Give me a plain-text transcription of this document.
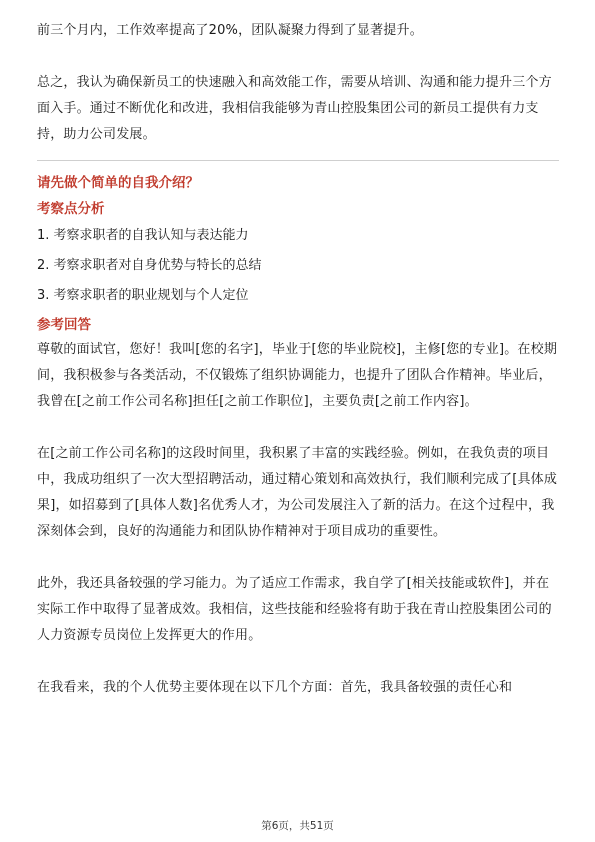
前三个月内，工作效率提高了20%，团队凝聚力得到了显著提升。

总之，我认为确保新员工的快速融入和高效能工作，需要从培训、沟通和能力提升三个方面入手。通过不断优化和改进，我相信我能够为青山控股集团公司的新员工提供有力支持，助力公司发展。

请先做个简单的自我介绍？

考察点分析

1. 考察求职者的自我认知与表达能力
2. 考察求职者对自身优势与特长的总结
3. 考察求职者的职业规划与个人定位

参考回答

尊敬的面试官，您好！我叫[您的名字]，毕业于[您的毕业院校]，主修[您的专业]。在校期间，我积极参与各类活动，不仅锻炼了组织协调能力，也提升了团队合作精神。毕业后，我曾在[之前工作公司名称]担任[之前工作职位]，主要负责[之前工作内容]。

在[之前工作公司名称]的这段时间里，我积累了丰富的实践经验。例如，在我负责的项目中，我成功组织了一次大型招聘活动，通过精心策划和高效执行，我们顺利完成了[具体成果]，如招募到了[具体人数]名优秀人才，为公司发展注入了新的活力。在这个过程中，我深刻体会到，良好的沟通能力和团队协作精神对于项目成功的重要性。

此外，我还具备较强的学习能力。为了适应工作需求，我自学了[相关技能或软件]，并在实际工作中取得了显著成效。我相信，这些技能和经验将有助于我在青山控股集团公司的人力资源专员岗位上发挥更大的作用。

在我看来，我的个人优势主要体现在以下几个方面：首先，我具备较强的责任心和

第6页，共51页
